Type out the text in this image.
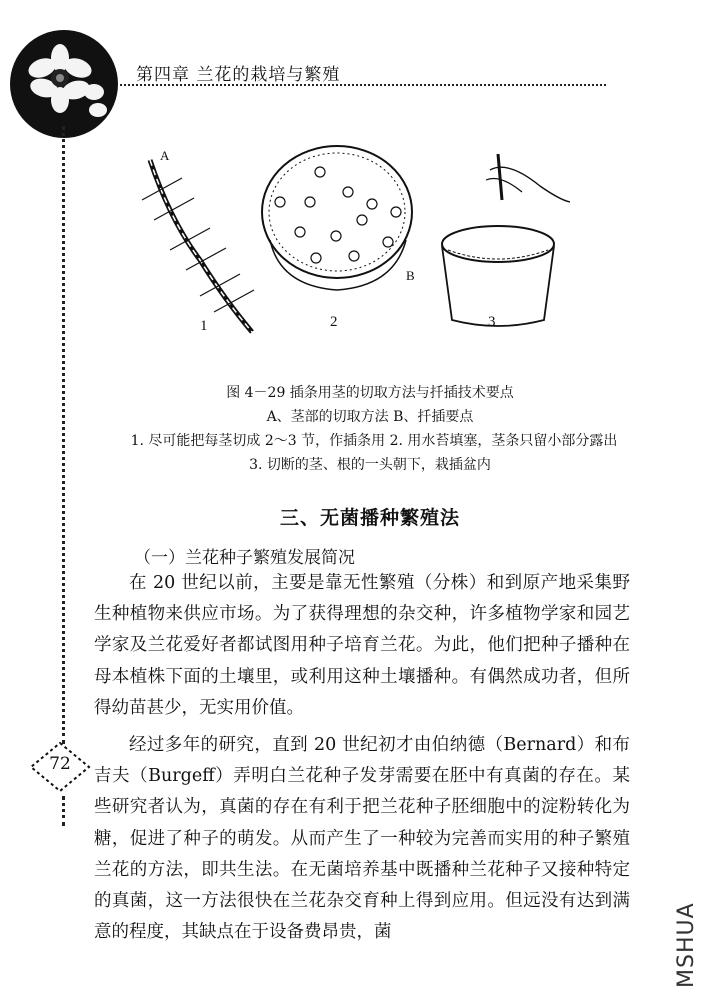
第四章 兰花的栽培与繁殖
A
B
1	2	3
图 4－29 插条用茎的切取方法与扦插技术要点
A、茎部的切取方法 B、扦插要点
1. 尽可能把每茎切成 2～3 节，作插条用 2. 用水苔填塞，茎条只留小部分露出
3. 切断的茎、根的一头朝下，栽插盆内
三、无菌播种繁殖法
（一）兰花种子繁殖发展简况

在 20 世纪以前，主要是靠无性繁殖（分株）和到原产地采集野生种植物来供应市场。为了获得理想的杂交种，许多植物学家和园艺学家及兰花爱好者都试图用种子培育兰花。为此，他们把种子播种在母本植株下面的土壤里，或利用这种土壤播种。有偶然成功者，但所得幼苗甚少，无实用价值。

经过多年的研究，直到 20 世纪初才由伯纳德（Bernard）和布吉夫（Burgeff）弄明白兰花种子发芽需要在胚中有真菌的存在。某些研究者认为，真菌的存在有利于把兰花种子胚细胞中的淀粉转化为糖，促进了种子的萌发。从而产生了一种较为完善而实用的种子繁殖兰花的方法，即共生法。在无菌培养基中既播种兰花种子又接种特定的真菌，这一方法很快在兰花杂交育种上得到应用。但远没有达到满意的程度，其缺点在于设备费昂贵，菌

72
MSHUA
